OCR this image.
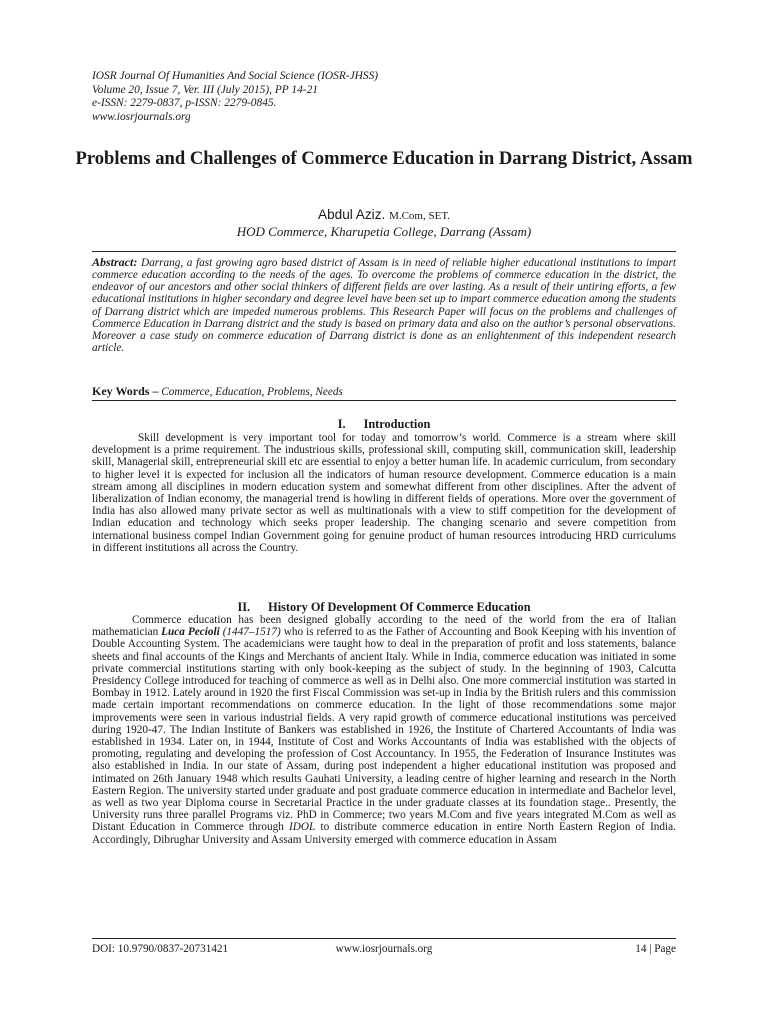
IOSR Journal Of Humanities And Social Science (IOSR-JHSS)
Volume 20, Issue 7, Ver. III (July 2015), PP 14-21
e-ISSN: 2279-0837, p-ISSN: 2279-0845.
www.iosrjournals.org
Problems and Challenges of Commerce Education in Darrang District, Assam
Abdul Aziz. M.Com, SET.
HOD Commerce, Kharupetia College, Darrang (Assam)
Abstract: Darrang, a fast growing agro based district of Assam is in need of reliable higher educational institutions to impart commerce education according to the needs of the ages. To overcome the problems of commerce education in the district, the endeavor of our ancestors and other social thinkers of different fields are over lasting. As a result of their untiring efforts, a few educational institutions in higher secondary and degree level have been set up to impart commerce education among the students of Darrang district which are impeded numerous problems. This Research Paper will focus on the problems and challenges of Commerce Education in Darrang district and the study is based on primary data and also on the author’s personal observations. Moreover a case study on commerce education of Darrang district is done as an enlightenment of this independent research article.
Key Words – Commerce, Education, Problems, Needs
I. Introduction
Skill development is very important tool for today and tomorrow’s world. Commerce is a stream where skill development is a prime requirement. The industrious skills, professional skill, computing skill, communication skill, leadership skill, Managerial skill, entrepreneurial skill etc are essential to enjoy a better human life. In academic curriculum, from secondary to higher level it is expected for inclusion all the indicators of human resource development. Commerce education is a main stream among all disciplines in modern education system and somewhat different from other disciplines. After the advent of liberalization of Indian economy, the managerial trend is howling in different fields of operations. More over the government of India has also allowed many private sector as well as multinationals with a view to stiff competition for the development of Indian education and technology which seeks proper leadership. The changing scenario and severe competition from international business compel Indian Government going for genuine product of human resources introducing HRD curriculums in different institutions all across the Country.
II. History Of Development Of Commerce Education
Commerce education has been designed globally according to the need of the world from the era of Italian mathematician Luca Pecioli (1447–1517) who is referred to as the Father of Accounting and Book Keeping with his invention of Double Accounting System. The academicians were taught how to deal in the preparation of profit and loss statements, balance sheets and final accounts of the Kings and Merchants of ancient Italy. While in India, commerce education was initiated in some private commercial institutions starting with only book-keeping as the subject of study. In the beginning of 1903, Calcutta Presidency College introduced for teaching of commerce as well as in Delhi also. One more commercial institution was started in Bombay in 1912. Lately around in 1920 the first Fiscal Commission was set-up in India by the British rulers and this commission made certain important recommendations on commerce education. In the light of those recommendations some major improvements were seen in various industrial fields. A very rapid growth of commerce educational institutions was perceived during 1920-47. The Indian Institute of Bankers was established in 1926, the Institute of Chartered Accountants of India was established in 1934. Later on, in 1944, Institute of Cost and Works Accountants of India was established with the objects of promoting, regulating and developing the profession of Cost Accountancy. In 1955, the Federation of Insurance Institutes was also established in India. In our state of Assam, during post independent a higher educational institution was proposed and intimated on 26th January 1948 which results Gauhati University, a leading centre of higher learning and research in the North Eastern Region. The university started under graduate and post graduate commerce education in intermediate and Bachelor level, as well as two year Diploma course in Secretarial Practice in the under graduate classes at its foundation stage.. Presently, the University runs three parallel Programs viz. PhD in Commerce; two years M.Com and five years integrated M.Com as well as Distant Education in Commerce through IDOL to distribute commerce education in entire North Eastern Region of India. Accordingly, Dibrughar University and Assam University emerged with commerce education in Assam
DOI: 10.9790/0837-20731421	www.iosrjournals.org	14 | Page
